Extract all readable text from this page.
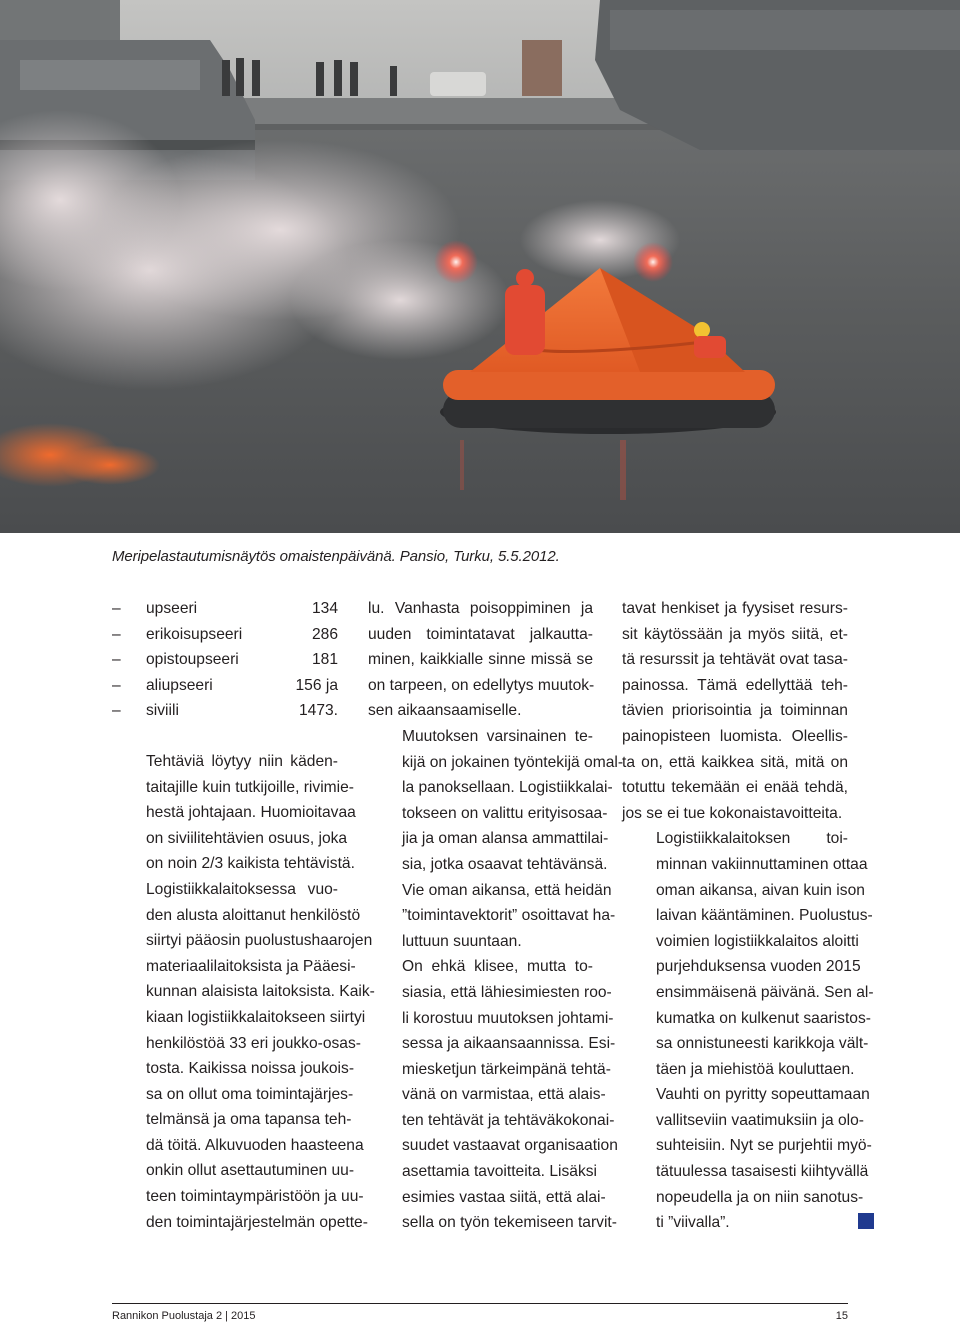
Meripelastautumisnäytös omaistenpäivänä. Pansio, Turku, 5.5.2012.
–	upseeri	134
–	erikoisupseeri	286
–	opistoupseeri	181
–	aliupseeri	156 ja
–	siviili	1473.

Tehtäviä löytyy niin käden-
taitajille kuin tutkijoille, rivimie-
hestä johtajaan. Huomioitavaa
on siviilitehtävien osuus, joka
on noin 2/3 kaikista tehtävistä.

Logistiikkalaitoksessa vuo-
den alusta aloittanut henkilöstö
siirtyi pääosin puolustushaarojen
materiaalilaitoksista ja Pääesi-
kunnan alaisista laitoksista. Kaik-
kiaan logistiikkalaitokseen siirtyi
henkilöstöä 33 eri joukko-osas-
tosta. Kaikissa noissa joukois-
sa on ollut oma toimintajärjes-
telmänsä ja oma tapansa teh-
dä töitä. Alkuvuoden haasteena
onkin ollut asettautuminen uu-
teen toimintaympäristöön ja uu-
den toimintajärjestelmän opette-

lu. Vanhasta poisoppiminen ja
uuden toimintatavat jalkautta-
minen, kaikkialle sinne missä se
on tarpeen, on edellytys muutok-
sen aikaansaamiselle.

Muutoksen varsinainen te-
kijä on jokainen työntekijä omal-
la panoksellaan. Logistiikkalai-
tokseen on valittu erityisosaa-
jia ja oman alansa ammattilai-
sia, jotka osaavat tehtävänsä.
Vie oman aikansa, että heidän
”toimintavektorit” osoittavat ha-
luttuun suuntaan.

On ehkä klisee, mutta to-
siasia, että lähiesimiesten roo-
li korostuu muutoksen johtami-
sessa ja aikaansaannissa. Esi-
miesketjun tärkeimpänä tehtä-
vänä on varmistaa, että alais-
ten tehtävät ja tehtäväkokonai-
suudet vastaavat organisaation
asettamia tavoitteita. Lisäksi
esimies vastaa siitä, että alai-
sella on työn tekemiseen tarvit-

tavat henkiset ja fyysiset resurs-
sit käytössään ja myös siitä, et-
tä resurssit ja tehtävät ovat tasa-
painossa. Tämä edellyttää teh-
tävien priorisointia ja toiminnan
painopisteen luomista. Oleellis-
ta on, että kaikkea sitä, mitä on
totuttu tekemään ei enää tehdä,
jos se ei tue kokonaistavoitteita.

Logistiikkalaitoksen toi-
minnan vakiinnuttaminen ottaa
oman aikansa, aivan kuin ison
laivan kääntäminen. Puolustus-
voimien logistiikkalaitos aloitti
purjehduksensa vuoden 2015
ensimmäisenä päivänä. Sen al-
kumatka on kulkenut saaristos-
sa onnistuneesti karikkoja vält-
täen ja miehistöä kouluttaen.
Vauhti on pyritty sopeuttamaan
vallitseviin vaatimuksiin ja olo-
suhteisiin. Nyt se purjehtii myö-
tätuulessa tasaisesti kiihtyvällä
nopeudella ja on niin sanotus-
ti ”viivalla”.

Rannikon Puolustaja 2 | 2015	15
